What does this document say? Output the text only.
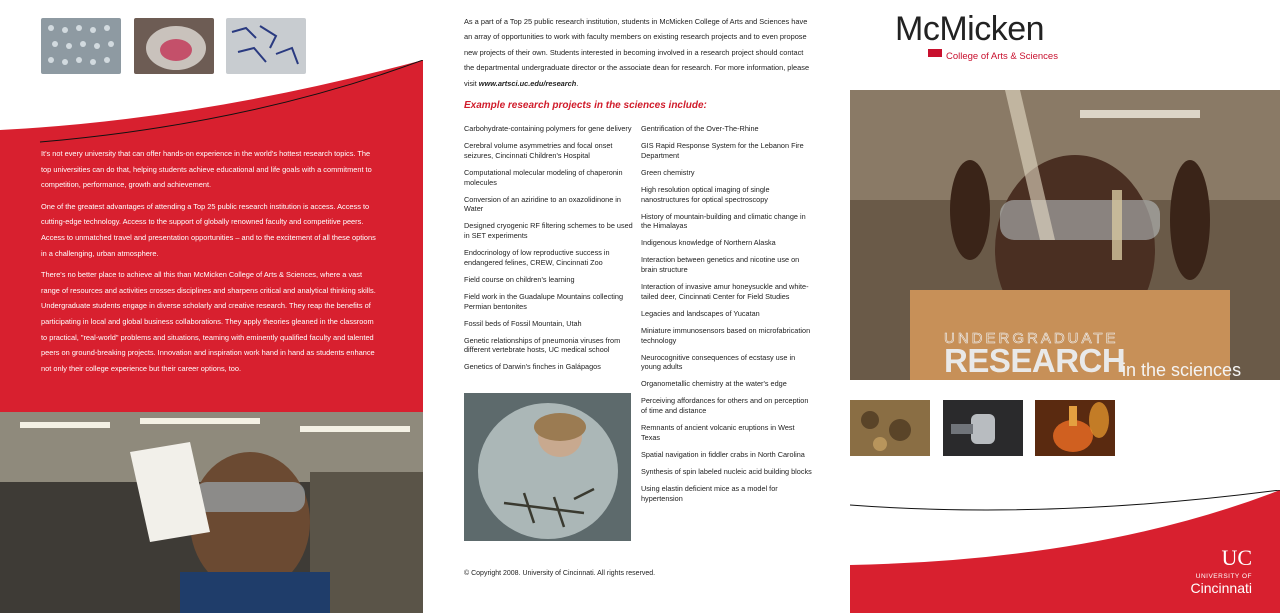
It's not every university that can offer hands-on experience in the world's hottest research topics. The top universities can do that, helping students achieve educational and life goals with a commitment to competition, performance, growth and achievement.

One of the greatest advantages of attending a Top 25 public research institution is access. Access to cutting-edge technology. Access to the support of globally renowned faculty and competitive peers. Access to unmatched travel and presentation opportunities – and to the excitement of all these options in a challenging, urban atmosphere.

There's no better place to achieve all this than McMicken College of Arts & Sciences, where a vast range of resources and activities crosses disciplines and sharpens critical and analytical thinking skills. Undergraduate students engage in diverse scholarly and creative research. They reap the benefits of participating in local and global business collaborations. They apply theories gleaned in the classroom to practical, "real-world" problems and situations, teaming with eminently qualified faculty and talented peers on ground-breaking projects. Innovation and inspiration work hand in hand as students enhance not only their college experience but their career options, too.

As a part of a Top 25 public research institution, students in McMicken College of Arts and Sciences have an array of opportunities to work with faculty members on existing research projects and to even propose new projects of their own. Students interested in becoming involved in a research project should contact the departmental undergraduate director or the associate dean for research. For more information, please visit www.artsci.uc.edu/research.
Example research projects in the sciences include:
Carbohydrate-containing polymers for gene delivery
Cerebral volume asymmetries and focal onset seizures, Cincinnati Children's Hospital
Computational molecular modeling of chaperonin molecules
Conversion of an aziridine to an oxazolidinone in Water
Designed cryogenic RF filtering schemes to be used in SET experiments
Endocrinology of low reproductive success in endangered felines, CREW, Cincinnati Zoo
Field course on children's learning
Field work in the Guadalupe Mountains collecting Permian bentonites
Fossil beds of Fossil Mountain, Utah
Genetic relationships of pneumonia viruses from different vertebrate hosts, UC medical school
Genetics of Darwin's finches in Galápagos
Gentrification of the Over-The-Rhine
GIS Rapid Response System for the Lebanon Fire Department
Green chemistry
High resolution optical imaging of single nanostructures for optical spectroscopy
History of mountain-building and climatic change in the Himalayas
Indigenous knowledge of Northern Alaska
Interaction between genetics and nicotine use on brain structure
Interaction of invasive amur honeysuckle and white-tailed deer, Cincinnati Center for Field Studies
Legacies and landscapes of Yucatan
Miniature immunosensors based on microfabrication technology
Neurocognitive consequences of ecstasy use in young adults
Organometallic chemistry at the water's edge
Perceiving affordances for others and on perception of time and distance
Remnants of ancient volcanic eruptions in West Texas
Spatial navigation in fiddler crabs in North Carolina
Synthesis of spin labeled nucleic acid building blocks
Using elastin deficient mice as a model for hypertension
© Copyright 2008. University of Cincinnati. All rights reserved.
McMicken
College of Arts & Sciences
UNDERGRADUATE
RESEARCH
in the sciences
UC
UNIVERSITY OF
Cincinnati
